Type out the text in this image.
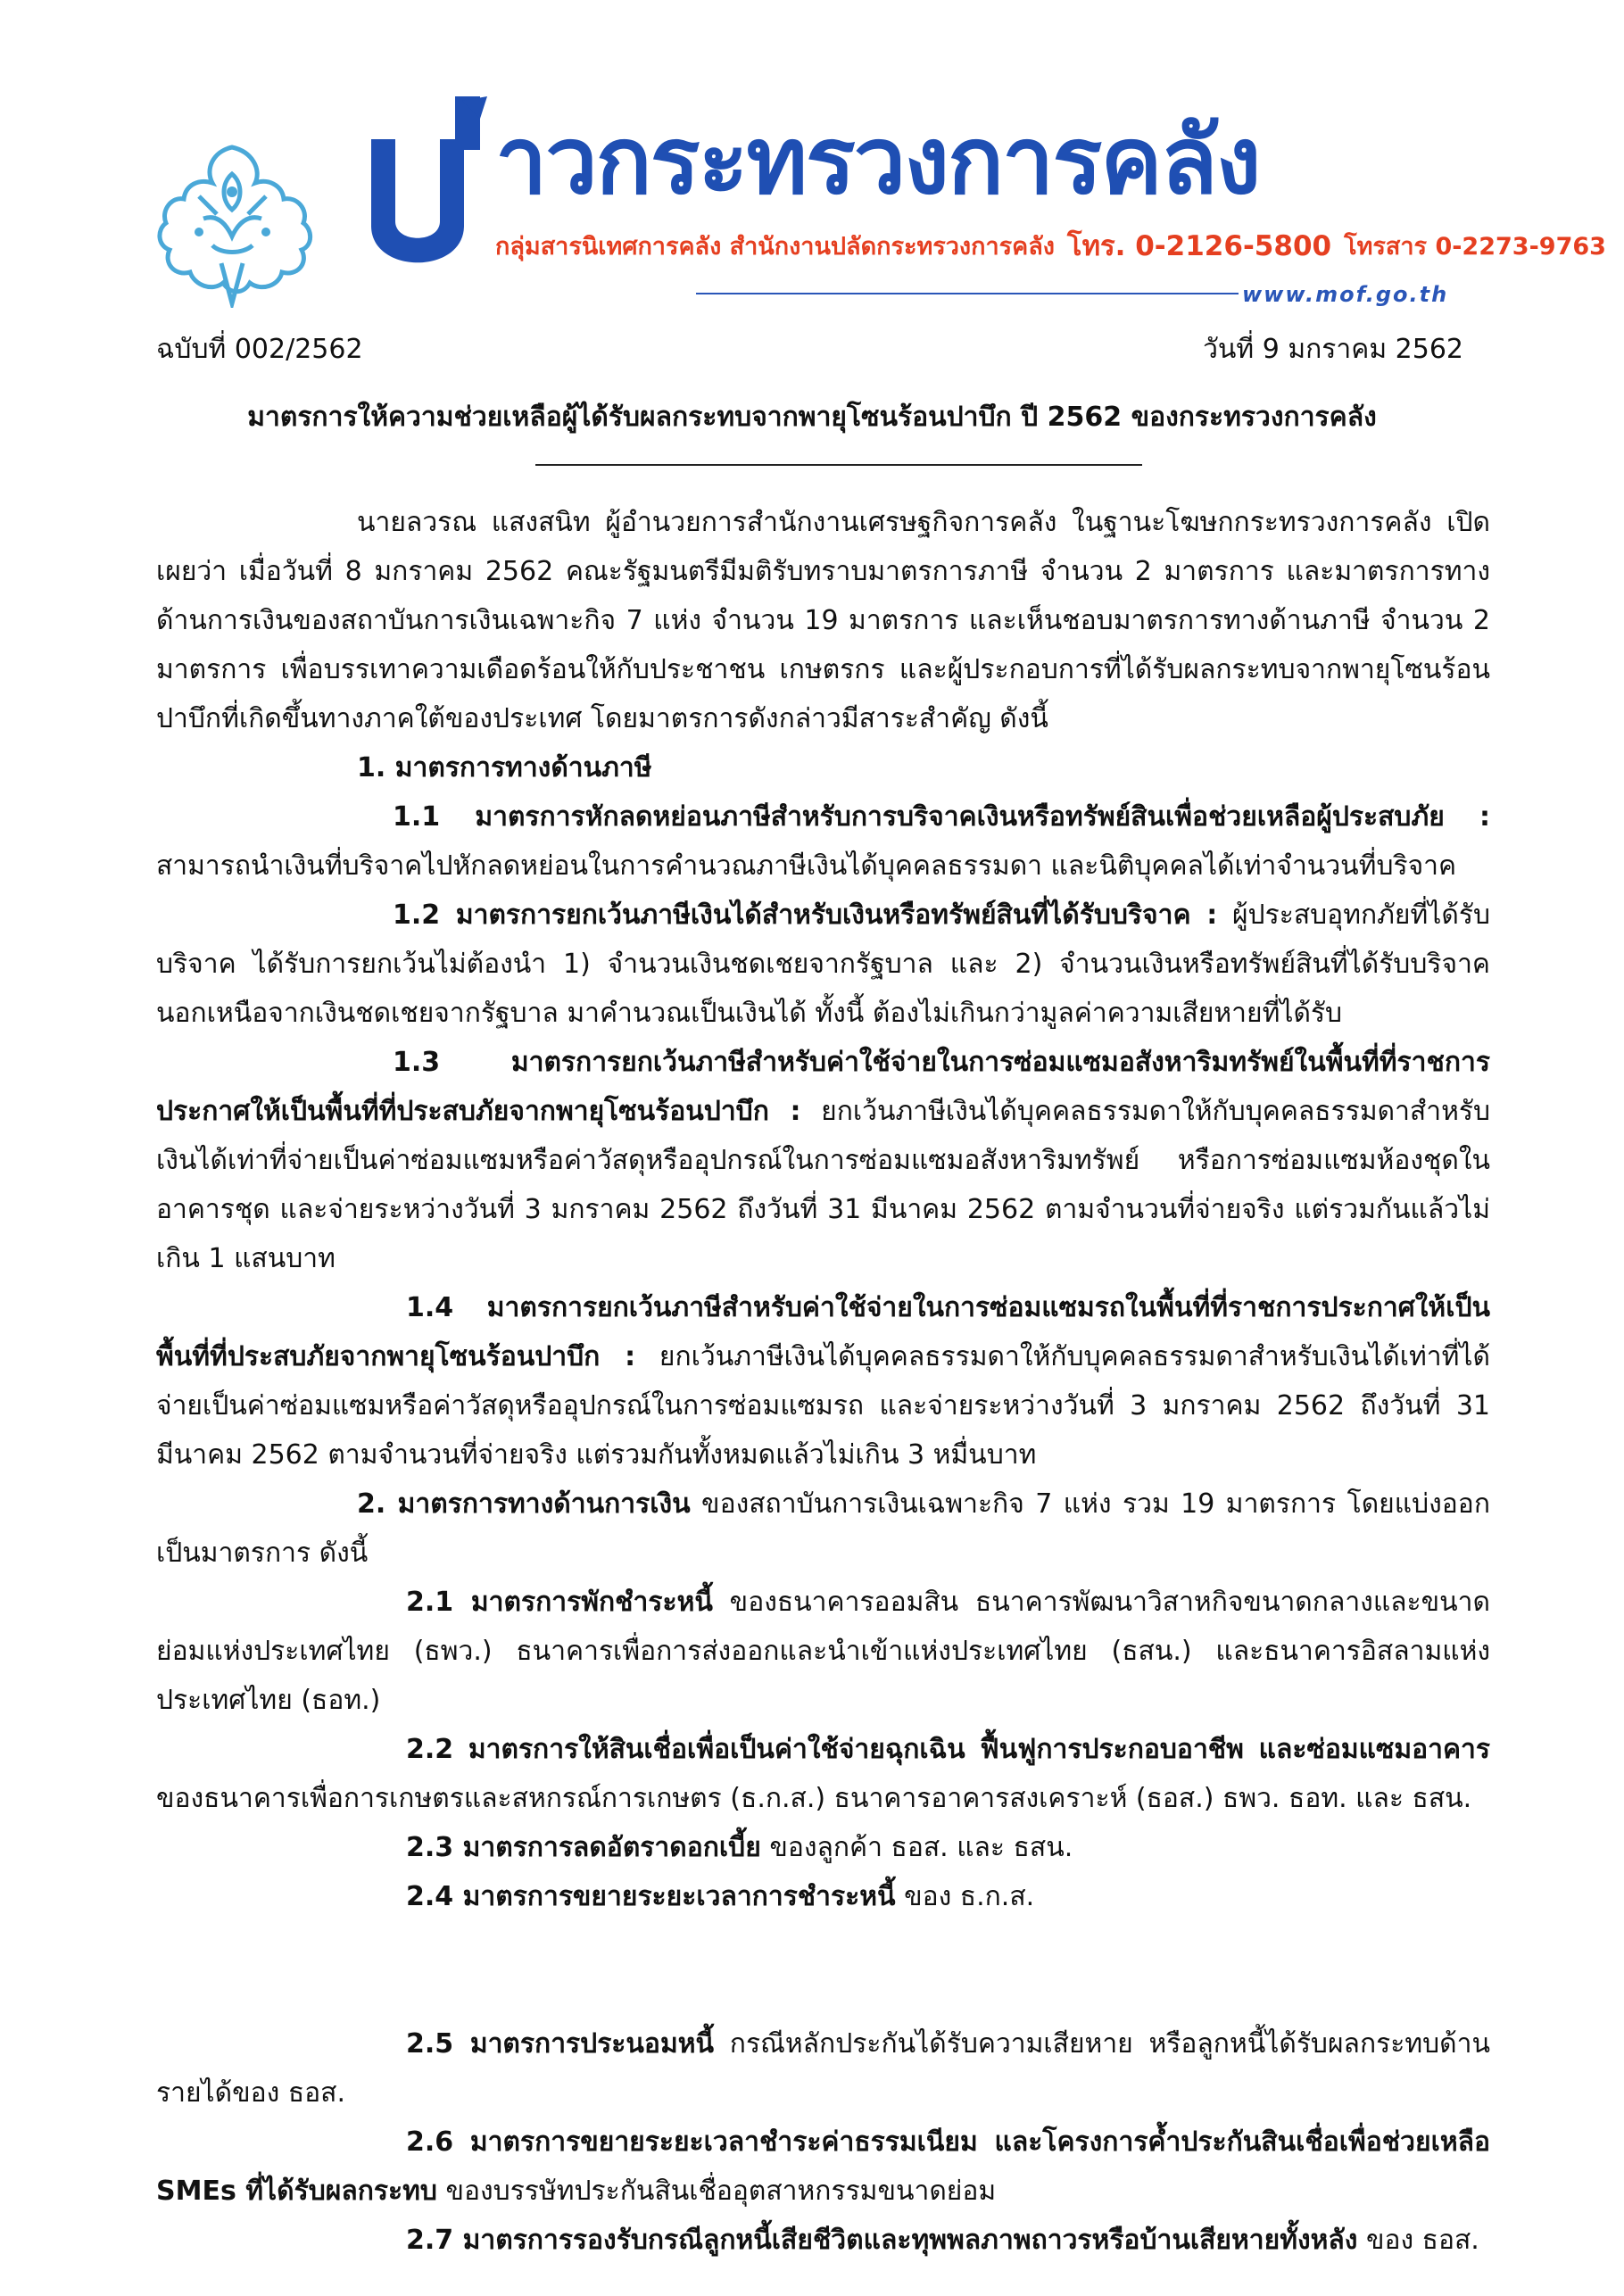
าวกระทรวงการคลัง
กลุ่มสารนิเทศการคลัง สำนักงานปลัดกระทรวงการคลัง โทร. 0-2126-5800 โทรสาร 0-2273-9763
www.mof.go.th
ฉบับที่ 002/2562	วันที่ 9 มกราคม 2562
มาตรการให้ความช่วยเหลือผู้ได้รับผลกระทบจากพายุโซนร้อนปาบึก ปี 2562 ของกระทรวงการคลัง

นายลวรณ แสงสนิท ผู้อำนวยการสำนักงานเศรษฐกิจการคลัง ในฐานะโฆษกกระทรวงการคลัง เปิดเผยว่า เมื่อวันที่ 8 มกราคม 2562 คณะรัฐมนตรีมีมติรับทราบมาตรการภาษี จำนวน 2 มาตรการ และมาตรการทางด้านการเงินของสถาบันการเงินเฉพาะกิจ 7 แห่ง จำนวน 19 มาตรการ และเห็นชอบมาตรการทางด้านภาษี จำนวน 2 มาตรการ เพื่อบรรเทาความเดือดร้อนให้กับประชาชน เกษตรกร และผู้ประกอบการที่ได้รับผลกระทบจากพายุโซนร้อนปาบึกที่เกิดขึ้นทางภาคใต้ของประเทศ โดยมาตรการดังกล่าวมีสาระสำคัญ ดังนี้

1. มาตรการทางด้านภาษี

1.1 มาตรการหักลดหย่อนภาษีสำหรับการบริจาคเงินหรือทรัพย์สินเพื่อช่วยเหลือผู้ประสบภัย : สามารถนำเงินที่บริจาคไปหักลดหย่อนในการคำนวณภาษีเงินได้บุคคลธรรมดา และนิติบุคคลได้เท่าจำนวนที่บริจาค

1.2 มาตรการยกเว้นภาษีเงินได้สำหรับเงินหรือทรัพย์สินที่ได้รับบริจาค : ผู้ประสบอุทกภัยที่ได้รับบริจาค ได้รับการยกเว้นไม่ต้องนำ 1) จำนวนเงินชดเชยจากรัฐบาล และ 2) จำนวนเงินหรือทรัพย์สินที่ได้รับบริจาคนอกเหนือจากเงินชดเชยจากรัฐบาล มาคำนวณเป็นเงินได้ ทั้งนี้ ต้องไม่เกินกว่ามูลค่าความเสียหายที่ได้รับ

1.3 มาตรการยกเว้นภาษีสำหรับค่าใช้จ่ายในการซ่อมแซมอสังหาริมทรัพย์ในพื้นที่ที่ราชการประกาศให้เป็นพื้นที่ที่ประสบภัยจากพายุโซนร้อนปาบึก : ยกเว้นภาษีเงินได้บุคคลธรรมดาให้กับบุคคลธรรมดาสำหรับเงินได้เท่าที่จ่ายเป็นค่าซ่อมแซมหรือค่าวัสดุหรืออุปกรณ์ในการซ่อมแซมอสังหาริมทรัพย์ หรือการซ่อมแซมห้องชุดในอาคารชุด และจ่ายระหว่างวันที่ 3 มกราคม 2562 ถึงวันที่ 31 มีนาคม 2562 ตามจำนวนที่จ่ายจริง แต่รวมกันแล้วไม่เกิน 1 แสนบาท

1.4 มาตรการยกเว้นภาษีสำหรับค่าใช้จ่ายในการซ่อมแซมรถในพื้นที่ที่ราชการประกาศให้เป็นพื้นที่ที่ประสบภัยจากพายุโซนร้อนปาบึก : ยกเว้นภาษีเงินได้บุคคลธรรมดาให้กับบุคคลธรรมดาสำหรับเงินได้เท่าที่ได้จ่ายเป็นค่าซ่อมแซมหรือค่าวัสดุหรืออุปกรณ์ในการซ่อมแซมรถ และจ่ายระหว่างวันที่ 3 มกราคม 2562 ถึงวันที่ 31 มีนาคม 2562 ตามจำนวนที่จ่ายจริง แต่รวมกันทั้งหมดแล้วไม่เกิน 3 หมื่นบาท

2. มาตรการทางด้านการเงิน ของสถาบันการเงินเฉพาะกิจ 7 แห่ง รวม 19 มาตรการ โดยแบ่งออกเป็นมาตรการ ดังนี้

2.1 มาตรการพักชำระหนี้ ของธนาคารออมสิน ธนาคารพัฒนาวิสาหกิจขนาดกลางและขนาดย่อมแห่งประเทศไทย (ธพว.) ธนาคารเพื่อการส่งออกและนำเข้าแห่งประเทศไทย (ธสน.) และธนาคารอิสลามแห่งประเทศไทย (ธอท.)

2.2 มาตรการให้สินเชื่อเพื่อเป็นค่าใช้จ่ายฉุกเฉิน ฟื้นฟูการประกอบอาชีพ และซ่อมแซมอาคาร ของธนาคารเพื่อการเกษตรและสหกรณ์การเกษตร (ธ.ก.ส.) ธนาคารอาคารสงเคราะห์ (ธอส.) ธพว. ธอท. และ ธสน.

2.3 มาตรการลดอัตราดอกเบี้ย ของลูกค้า ธอส. และ ธสน.

2.4 มาตรการขยายระยะเวลาการชำระหนี้ ของ ธ.ก.ส.

2.5 มาตรการประนอมหนี้ กรณีหลักประกันได้รับความเสียหาย หรือลูกหนี้ได้รับผลกระทบด้านรายได้ของ ธอส.

2.6 มาตรการขยายระยะเวลาชำระค่าธรรมเนียม และโครงการค้ำประกันสินเชื่อเพื่อช่วยเหลือ SMEs ที่ได้รับผลกระทบ ของบรรษัทประกันสินเชื่ออุตสาหกรรมขนาดย่อม

2.7 มาตรการรองรับกรณีลูกหนี้เสียชีวิตและทุพพลภาพถาวรหรือบ้านเสียหายทั้งหลัง ของ ธอส.
